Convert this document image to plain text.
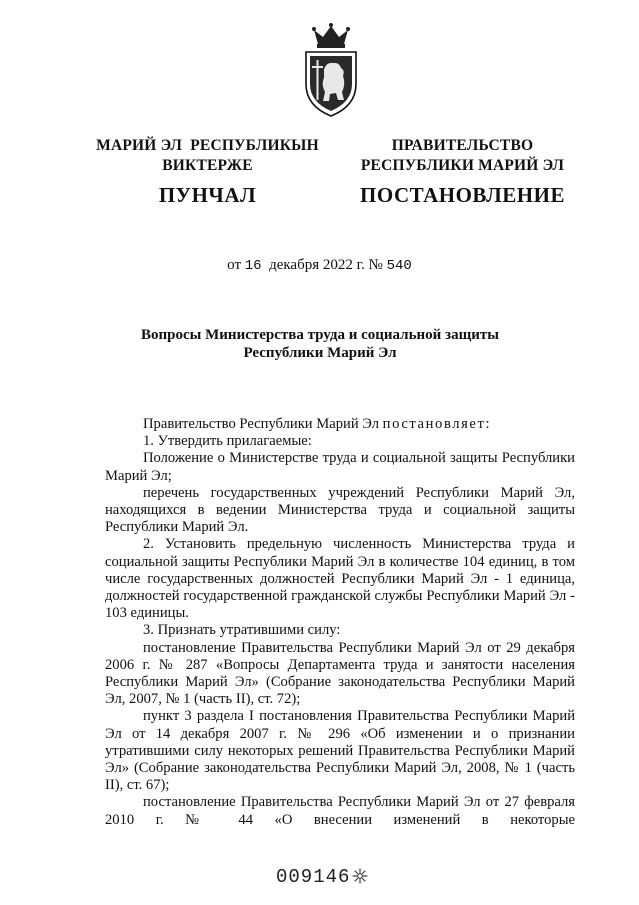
МАРИЙ ЭЛ  РЕСПУБЛИКЫН
ВИКТЕРЖЕ
ПУНЧАЛ
ПРАВИТЕЛЬСТВО
РЕСПУБЛИКИ МАРИЙ ЭЛ
ПОСТАНОВЛЕНИЕ
от 16 декабря 2022 г. № 540
Вопросы Министерства труда и социальной защиты
Республики Марий Эл

Правительство Республики Марий Эл постановляет:

1. Утвердить прилагаемые:

Положение о Министерстве труда и социальной защиты Республики Марий Эл;

перечень государственных учреждений Республики Марий Эл, находящихся в ведении Министерства труда и социальной защиты Республики Марий Эл.

2. Установить предельную численность Министерства труда и социальной защиты Республики Марий Эл в количестве 104 единиц, в том числе государственных должностей Республики Марий Эл - 1 единица, должностей государственной гражданской службы Республики Марий Эл - 103 единицы.

3. Признать утратившими силу:

постановление Правительства Республики Марий Эл от 29 декабря 2006 г. № 287 «Вопросы Департамента труда и занятости населения Республики Марий Эл» (Собрание законодательства Республики Марий Эл, 2007, № 1 (часть II), ст. 72);

пункт 3 раздела I постановления Правительства Республики Марий Эл от 14 декабря 2007 г. № 296 «Об изменении и о признании утратившими силу некоторых решений Правительства Республики Марий Эл» (Собрание законодательства Республики Марий Эл, 2008, № 1 (часть II), ст. 67);

постановление Правительства Республики Марий Эл от 27 февраля 2010 г. № 44 «О внесении изменений в некоторые

009146
